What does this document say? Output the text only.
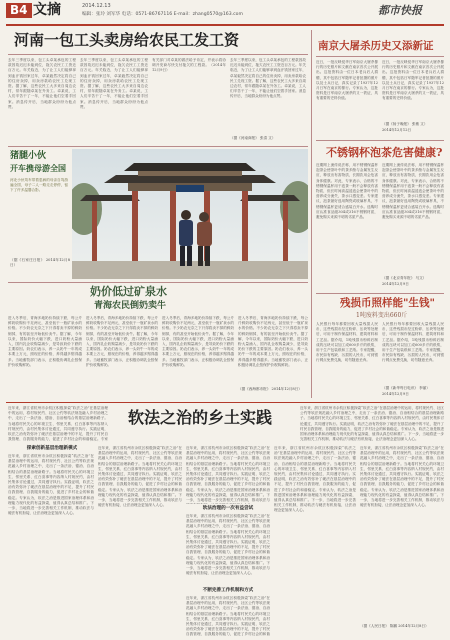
B4 文摘	2014.12.13
编辑：张玲 刘军华 电话：0571-86767116 E-mail：zhang0570@163.com	都市快报
河南一包工头卖房给农民工发工资
去年三季度以来，包工头卓某承包的工程款因故迟迟未能到位，拖欠农民工工资近百万元。年关临近，为了让工人们能够拿到血汗钱回家过年，卓某毅然决定将自己的住房卖掉，用卖房款给农民工兑现工资。据了解，这些农民工大多来自周边农村，常年跟随卓某在外务工。卓某说，工人们辛苦干了一年，不能让他们空着手回家。消息传开后，当地群众纷纷为他点赞。
去年三季度以来，包工头卓某承包的工程款因故迟迟未能到位，拖欠农民工工资近百万元。年关临近，为了让工人们能够拿到血汗钱回家过年，卓某毅然决定将自己的住房卖掉，用卖房款给农民工兑现工资。据了解，这些农民工大多来自周边农村，常年跟随卓某在外务工。卓某说，工人们辛苦干了一年，不能让他们空着手回家。消息传开后，当地群众纷纷为他点赞。
有关部门对卓某的做法给予肯定，并表示将协调开发商尽快支付拖欠的工程款。（2014年12月9日）
去年三季度以来，包工头卓某承包的工程款因故迟迟未能到位，拖欠农民工工资近百万元。年关临近，为了让工人们能够拿到血汗钱回家过年，卓某毅然决定将自己的住房卖掉，用卖房款给农民工兑现工资。据了解，这些农民工大多来自周边农村，常年跟随卓某在外务工。卓某说，工人们辛苦干了一年，不能让他们空着手回家。消息传开后，当地群众纷纷为他点赞。
（据《河南商报》 张清 文）
猪腿小伙
开车携母游全国
河北小伙驾车带着患病的母亲自驾游遍全国，母子二人一路走走停停，留下了许多温馨合影。
（据《石家庄日报》 2014年12月8日）
奶价低过矿泉水
青海农民倒奶卖牛
进入冬季后，青海多地奶价持续下跌，每公斤鲜奶收购价不足两元，甚至低于一瓶矿泉水的价格。不少奶农无奈之下只得将卖不掉的鲜奶倒掉，有的甚至开始低价卖牛。据了解，今年以来，国际奶价大幅下跌，进口奶粉大量涌入，国内乳企收购量减少，是导致奶价下跌的主要原因。奶农们表示，养一头奶牛一年的成本要上万元，照现在的价格，养得越多赔得越多。当地畜牧部门表示，正积极协调乳企按保护价收购鲜奶。
进入冬季后，青海多地奶价持续下跌，每公斤鲜奶收购价不足两元，甚至低于一瓶矿泉水的价格。不少奶农无奈之下只得将卖不掉的鲜奶倒掉，有的甚至开始低价卖牛。据了解，今年以来，国际奶价大幅下跌，进口奶粉大量涌入，国内乳企收购量减少，是导致奶价下跌的主要原因。奶农们表示，养一头奶牛一年的成本要上万元，照现在的价格，养得越多赔得越多。当地畜牧部门表示，正积极协调乳企按保护价收购鲜奶。
进入冬季后，青海多地奶价持续下跌，每公斤鲜奶收购价不足两元，甚至低于一瓶矿泉水的价格。不少奶农无奈之下只得将卖不掉的鲜奶倒掉，有的甚至开始低价卖牛。据了解，今年以来，国际奶价大幅下跌，进口奶粉大量涌入，国内乳企收购量减少，是导致奶价下跌的主要原因。奶农们表示，养一头奶牛一年的成本要上万元，照现在的价格，养得越多赔得越多。当地畜牧部门表示，正积极协调乳企按保护价收购鲜奶。
进入冬季后，青海多地奶价持续下跌，每公斤鲜奶收购价不足两元，甚至低于一瓶矿泉水的价格。不少奶农无奈之下只得将卖不掉的鲜奶倒掉，有的甚至开始低价卖牛。据了解，今年以来，国际奶价大幅下跌，进口奶粉大量涌入，国内乳企收购量减少，是导致奶价下跌的主要原因。奶农们表示，养一头奶牛一年的成本要上万元，照现在的价格，养得越多赔得越多。当地畜牧部门表示，正积极协调乳企按保护价收购鲜奶。
（据《西海都市报》 2014年12月8日）
南京大屠杀历史又添新证
近日，一批反映侵华日军南京大屠杀暴行的历史照片和文献在南京首次公开展出。这批资料由一位日本老兵后人捐赠，其中包括日军随军记者拍摄的照片以及士兵日记，真实记录了1937年12月日军在南京的暴行。专家认为，这批资料是日军南京大屠杀的又一铁证，具有重要的史料价值。
近日，一批反映侵华日军南京大屠杀暴行的历史照片和文献在南京首次公开展出。这批资料由一位日本老兵后人捐赠，其中包括日军随军记者拍摄的照片以及士兵日记，真实记录了1937年12月日军在南京的暴行。专家认为，这批资料是日军南京大屠杀的又一铁证，具有重要的史料价值。
（据《扬子晚报》 张敏 文）
2014年12月12日
不锈钢杯泡茶危害健康?
近期网上流传说法称，用不锈钢保温杯泡茶会使茶叶中的茶多酚与金属发生反应，释放出有害物质，长期饮用会危害身体健康。对此，专家表示，合格的不锈钢保温杯用于泡茶一般不会释放有害物质，但长时间高温浸泡会使茶叶中的营养成分流失，茶水口感变差。专家建议，泡茶最好选用陶瓷或玻璃杯具，不锈钢保温杯更适合盛装白开水。选购时应认准食品级304或316不锈钢材质，避免购买来源不明的劣质产品。
近期网上流传说法称，用不锈钢保温杯泡茶会使茶叶中的茶多酚与金属发生反应，释放出有害物质，长期饮用会危害身体健康。对此，专家表示，合格的不锈钢保温杯用于泡茶一般不会释放有害物质，但长时间高温浸泡会使茶叶中的营养成分流失，茶水口感变差。专家建议，泡茶最好选用陶瓷或玻璃杯具，不锈钢保温杯更适合盛装白开水。选购时应认准食品级304或316不锈钢材质，避免购买来源不明的劣质产品。
（据《北京青年报》 马文）
2014年12月9日
残损币照样能"生钱"
1吨废料变出660斤
人民银行每年都要回收大量残损人民币，这些残损币经过粉碎、压块等处理后，可用于制作保温材料、建筑材料和工艺品。据介绍，1吨残损币粉碎后制成的压块可以加工成600多斤的纸浆，用于生产包装纸和工艺纸。专家提醒，市民如有残缺、污损的人民币，可到银行网点免费兑换，切勿随意丢弃。
人民银行每年都要回收大量残损人民币，这些残损币经过粉碎、压块等处理后，可用于制作保温材料、建筑材料和工艺品。据介绍，1吨残损币粉碎后制成的压块可以加工成600多斤的纸浆，用于生产包装纸和工艺纸。专家提醒，市民如有残缺、污损的人民币，可到银行网点免费兑换，切勿随意丢弃。
（据《新华每日电讯》 李丽）
2014年12月9日
近年来，浙江省杭州市余杭区积极探索“软法之治”在基层治理中的运用，将村规民约、社区公约等软法规范融入乡村治理之中，走出了一条法治、德治、自治相结合的基层治理新路子。当地将村民关心的环境卫生、邻里关系、红白喜事等内容纳入村规民约，由村民集体讨论通过，共同遵守执行。实践证明，软法之治有效弥补了硬法在基层治理中的不足，提升了村民自我管理、自我服务的能力，促进了乡村社会的和谐稳定。专家
软法之治的乡土实践	近年来，浙江省杭州市余杭区积极探索“软法之治”在基层治理中的运用，将村规民约、社区公约等软法规范融入乡村治理之中，走出了一条法治、德治、自治相结合的基层治理新路子。当地将村民关心的环境卫生、邻里关系、红白喜事等内容纳入村规民约，由村民集体讨论通过，共同遵守执行。实践证明，软法之治有效弥补了硬法在基层治理中的不足，提升了村民自我管理、自我服务的能力，促进了乡村社会的和谐稳定。专家认为，软法之治是推进国家治理体系和治理能力现代化的有益探索，值得认真总结和推广。下一步，当地将进一步完善相关工作机制，推动软法与硬法有机衔接，让法治理念更加深入人心。
探索创新基层治理新模式
近年来，浙江省杭州市余杭区积极探索“软法之治”在基层治理中的运用，将村规民约、社区公约等软法规范融入乡村治理之中，走出了一条法治、德治、自治相结合的基层治理新路子。当地将村民关心的环境卫生、邻里关系、红白喜事等内容纳入村规民约，由村民集体讨论通过，共同遵守执行。实践证明，软法之治有效弥补了硬法在基层治理中的不足，提升了村民自我管理、自我服务的能力，促进了乡村社会的和谐稳定。专家认为，软法之治是推进国家治理体系和治理能力现代化的有益探索，值得认真总结和推广。下一步，当地将进一步完善相关工作机制，推动软法与硬法有机衔接，让法治理念更加深入人心。
近年来，浙江省杭州市余杭区积极探索“软法之治”在基层治理中的运用，将村规民约、社区公约等软法规范融入乡村治理之中，走出了一条法治、德治、自治相结合的基层治理新路子。当地将村民关心的环境卫生、邻里关系、红白喜事等内容纳入村规民约，由村民集体讨论通过，共同遵守执行。实践证明，软法之治有效弥补了硬法在基层治理中的不足，提升了村民自我管理、自我服务的能力，促进了乡村社会的和谐稳定。专家认为，软法之治是推进国家治理体系和治理能力现代化的有益探索，值得认真总结和推广。下一步，当地将进一步完善相关工作机制，推动软法与硬法有机衔接，让法治理念更加深入人心。
近年来，浙江省杭州市余杭区积极探索“软法之治”在基层治理中的运用，将村规民约、社区公约等软法规范融入乡村治理之中，走出了一条法治、德治、自治相结合的基层治理新路子。当地将村民关心的环境卫生、邻里关系、红白喜事等内容纳入村规民约，由村民集体讨论通过，共同遵守执行。实践证明，软法之治有效弥补了硬法在基层治理中的不足，提升了村民自我管理、自我服务的能力，促进了乡村社会的和谐稳定。专家认为，软法之治是推进国家治理体系和治理能力现代化的有益探索，值得认真总结和推广。下一步，当地将进一步完善相关工作机制，推动软法与
软法治理的一次有益尝试
近年来，浙江省杭州市余杭区积极探索“软法之治”在基层治理中的运用，将村规民约、社区公约等软法规范融入乡村治理之中，走出了一条法治、德治、自治相结合的基层治理新路子。当地将村民关心的环境卫生、邻里关系、红白喜事等内容纳入村规民约，由村民集体讨论通过，共同遵守执行。实践证明，软法之治有效弥补了硬法在基层治理中的不足，提升了村民自我管理、自我服务的能力，促进了乡村社会的和谐稳定。专家认为，软法之治是推进国家治理体系和治理能力现代化的有益探索，值得认真总结和推广。下一步，当地将进一步完善相关工作机制，推动软法与硬法有机衔接，让法治理念更加深入人心。
不断完善工作机制和方式
近年来，浙江省杭州市余杭区积极探索“软法之治”在基层治理中的运用，将村规民约、社区公约等软法规范融入乡村治理之中，走出了一条法治、德治、自治相结合的基层治理新路子。当地将村民关心的环境卫生、邻里关系、红白喜事等内容纳入村规民约，由村民集体讨论通过，共同遵守执行。实践证明，软法之治有效弥补了硬法在基层治理中的不足，提升了村民自我管理、自我服务的能力，促进了乡村社会的和谐
近年来，浙江省杭州市余杭区积极探索“软法之治”在基层治理中的运用，将村规民约、社区公约等软法规范融入乡村治理之中，走出了一条法治、德治、自治相结合的基层治理新路子。当地将村民关心的环境卫生、邻里关系、红白喜事等内容纳入村规民约，由村民集体讨论通过，共同遵守执行。实践证明，软法之治有效弥补了硬法在基层治理中的不足，提升了村民自我管理、自我服务的能力，促进了乡村社会的和谐稳定。专家认为，软法之治是推进国家治理体系和治理能力现代化的有益探索，值得认真总结和推广。下一步，当地将进一步完善相关工作机制，推动软法与硬法有机衔接，让法治理念更加深入人心。
近年来，浙江省杭州市余杭区积极探索“软法之治”在基层治理中的运用，将村规民约、社区公约等软法规范融入乡村治理之中，走出了一条法治、德治、自治相结合的基层治理新路子。当地将村民关心的环境卫生、邻里关系、红白喜事等内容纳入村规民约，由村民集体讨论通过，共同遵守执行。实践证明，软法之治有效弥补了硬法在基层治理中的不足，提升了村民自我管理、自我服务的能力，促进了乡村社会的和谐稳定。专家认为，软法之治是推进国家治理体系和治理能力现代化的有益探索，值得认真总结和推广。下一步，当地将进一步完善相关工作机制，推动软法与硬法有机衔接，让法治理念更加深入人心。
（据《人民日报》 陈鹏 2014年12月8日）
